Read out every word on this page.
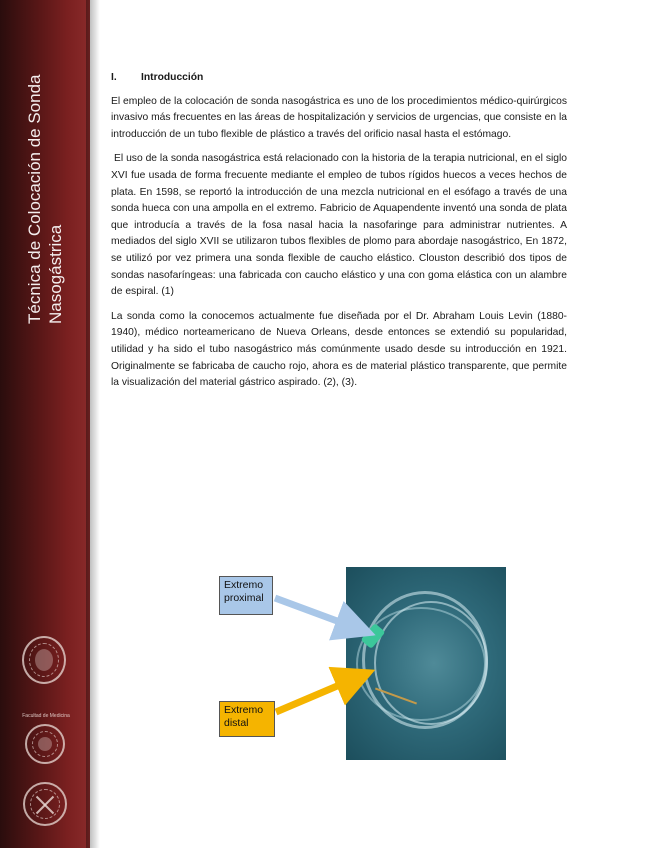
Técnica de Colocación de Sonda Nasogástrica
Facultad de Medicina
I. Introducción

El empleo de la colocación de sonda nasogástrica es uno de los procedimientos médico-quirúrgicos invasivo más frecuentes en las áreas de hospitalización y servicios de urgencias, que consiste en la introducción de un tubo flexible de plástico a través del orificio nasal hasta el estómago.

El uso de la sonda nasogástrica está relacionado con la historia de la terapia nutricional, en el siglo XVI fue usada de forma frecuente mediante el empleo de tubos rígidos huecos a veces hechos de plata. En 1598, se reportó la introducción de una mezcla nutricional en el esófago a través de una sonda hueca con una ampolla en el extremo. Fabricio de Aquapendente inventó una sonda de plata que introducía a través de la fosa nasal hacia la nasofaringe para administrar nutrientes. A mediados del siglo XVII se utilizaron tubos flexibles de plomo para abordaje nasogástrico, En 1872, se utilizó por vez primera una sonda flexible de caucho elástico. Clouston describió dos tipos de sondas nasofaríngeas: una fabricada con caucho elástico y una con goma elástica con un alambre de espiral. (1)

La sonda como la conocemos actualmente fue diseñada por el Dr. Abraham Louis Levin (1880-1940), médico norteamericano de Nueva Orleans, desde entonces se extendió su popularidad, utilidad y ha sido el tubo nasogástrico más comúnmente usado desde su introducción en 1921. Originalmente se fabricaba de caucho rojo, ahora es de material plástico transparente, que permite la visualización del material gástrico aspirado. (2), (3).

Extremo proximal
Extremo distal
